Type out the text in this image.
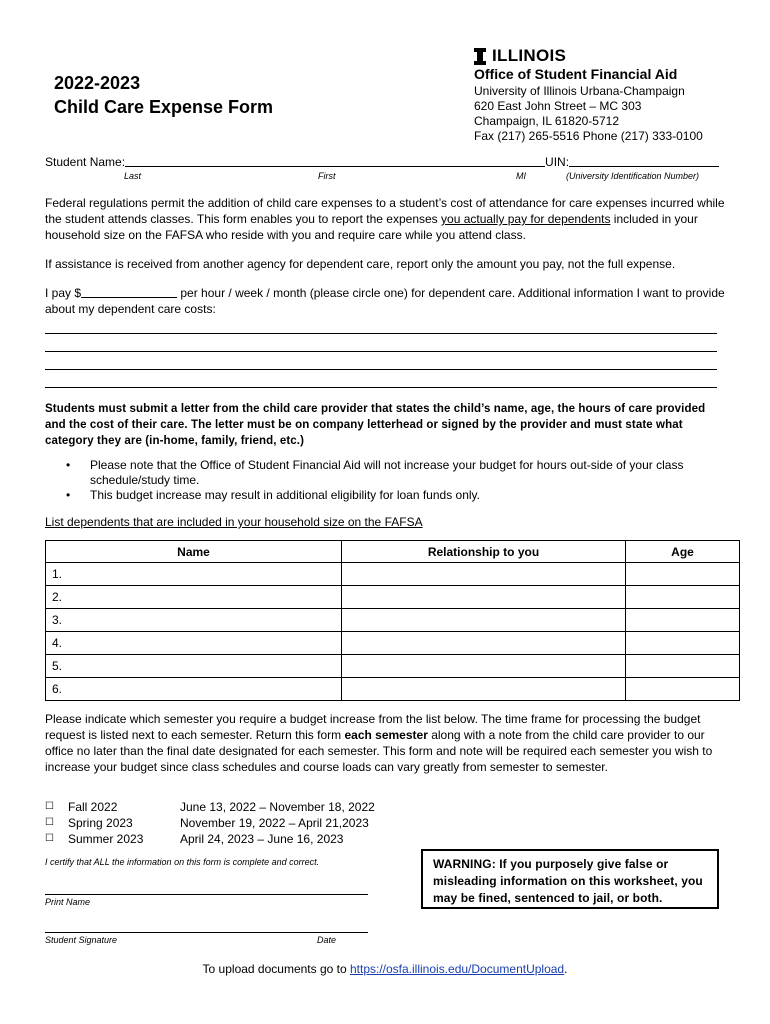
2022-2023
Child Care Expense Form
ILLINOIS
Office of Student Financial Aid
University of Illinois Urbana-Champaign
620 East John Street – MC 303
Champaign, IL 61820-5712
Fax (217) 265-5516 Phone (217) 333-0100
Student Name:	UIN:
Last	First	MI	(University Identification Number)
Federal regulations permit the addition of child care expenses to a student’s cost of attendance for care expenses incurred while the student attends classes. This form enables you to report the expenses you actually pay for dependents included in your household size on the FAFSA who reside with you and require care while you attend class.
If assistance is received from another agency for dependent care, report only the amount you pay, not the full expense.
I pay $	per hour / week / month (please circle one) for dependent care. Additional information I want to provide about my dependent care costs:
Students must submit a letter from the child care provider that states the child’s name, age, the hours of care provided and the cost of their care. The letter must be on company letterhead or signed by the provider and must state what category they are (in-home, family, friend, etc.)
• Please note that the Office of Student Financial Aid will not increase your budget for hours out-side of your class schedule/study time.
• This budget increase may result in additional eligibility for loan funds only.
List dependents that are included in your household size on the FAFSA
Name	Relationship to you	Age
1.		
2.		
3.		
4.		
5.		
6.		
Please indicate which semester you require a budget increase from the list below. The time frame for processing the budget request is listed next to each semester. Return this form each semester along with a note from the child care provider to our office no later than the final date designated for each semester. This form and note will be required each semester you wish to increase your budget since class schedules and course loads can vary greatly from semester to semester.
☐	Fall 2022	June 13, 2022 – November 18, 2022
☐	Spring 2023	November 19, 2022 – April 21,2023
☐	Summer 2023	April 24, 2023 – June 16, 2023
I certify that ALL the information on this form is complete and correct.
Print Name
Student Signature	Date
WARNING: If you purposely give false or misleading information on this worksheet, you may be fined, sentenced to jail, or both.
To upload documents go to https://osfa.illinois.edu/DocumentUpload.
